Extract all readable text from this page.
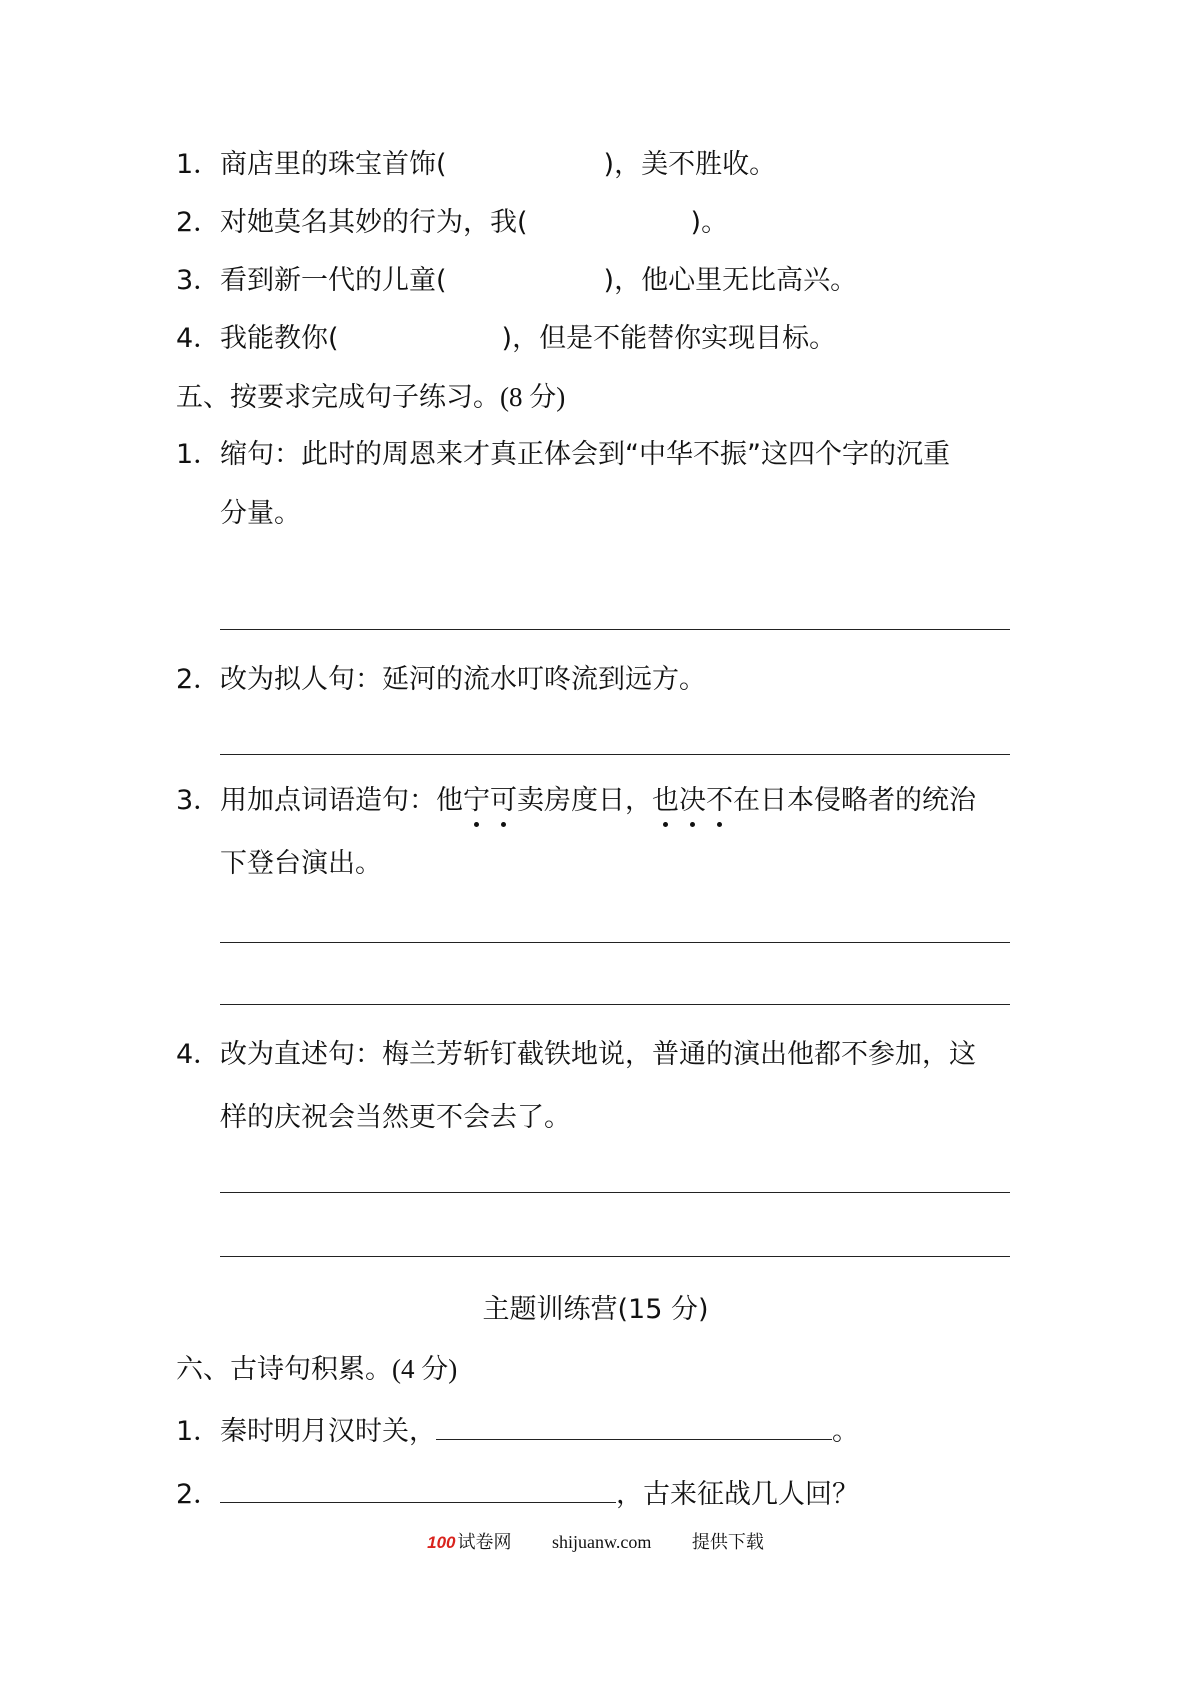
1．商店里的珠宝首饰(	)，美不胜收。
2．对她莫名其妙的行为，我(	)。
3．看到新一代的儿童(	)，他心里无比高兴。
4．我能教你(	)，但是不能替你实现目标。
五、按要求完成句子练习。(8 分)
1．缩句：此时的周恩来才真正体会到“中华不振”这四个字的沉重
分量。
2．改为拟人句：延河的流水叮咚流到远方。
3．用加点词语造句：他宁可卖房度日，也决不在日本侵略者的统治
下登台演出。
4．改为直述句：梅兰芳斩钉截铁地说，普通的演出他都不参加，这
样的庆祝会当然更不会去了。
主题训练营(15 分)
六、古诗句积累。(4 分)
1．秦时明月汉时关，	。
2．	，古来征战几人回？
100 试卷网 shijuanw.com 提供下载
